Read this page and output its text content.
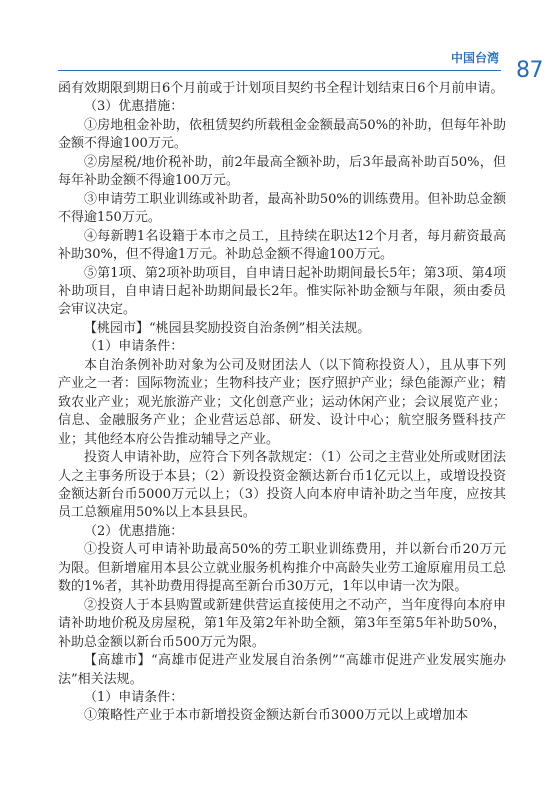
中国台湾 87

函有效期限到期日6个月前或于计划项目契约书全程计划结束日6个月前申请。

（3）优惠措施：

①房地租金补助，依租赁契约所载租金金额最高50%的补助，但每年补助金额不得逾100万元。

②房屋税/地价税补助，前2年最高全额补助，后3年最高补助百50%，但每年补助金额不得逾100万元。

③申请劳工职业训练或补助者，最高补助50%的训练费用。但补助总金额不得逾150万元。

④每新聘1名设籍于本市之员工，且持续在职达12个月者，每月薪资最高补助30%，但不得逾1万元。补助总金额不得逾100万元。

⑤第1项、第2项补助项目，自申请日起补助期间最长5年；第3项、第4项补助项目，自申请日起补助期间最长2年。惟实际补助金额与年限，须由委员会审议决定。

【桃园市】“桃园县奖励投资自治条例”相关法规。

（1）申请条件：

本自治条例补助对象为公司及财团法人（以下简称投资人），且从事下列产业之一者：国际物流业；生物科技产业；医疗照护产业；绿色能源产业；精致农业产业；观光旅游产业；文化创意产业；运动休闲产业；会议展览产业；信息、金融服务产业；企业营运总部、研发、设计中心；航空服务暨科技产业；其他经本府公告推动辅导之产业。

投资人申请补助，应符合下列各款规定：（1）公司之主营业处所或财团法人之主事务所设于本县；（2）新设投资金额达新台币1亿元以上，或增设投资金额达新台币5000万元以上；（3）投资人向本府申请补助之当年度，应按其员工总额雇用50%以上本县县民。

（2）优惠措施：

①投资人可申请补助最高50%的劳工职业训练费用，并以新台币20万元为限。但新增雇用本县公立就业服务机构推介中高龄失业劳工逾原雇用员工总数的1%者，其补助费用得提高至新台币30万元，1年以申请一次为限。

②投资人于本县购置或新建供营运直接使用之不动产，当年度得向本府申请补助地价税及房屋税，第1年及第2年补助全额，第3年至第5年补助50%，补助总金额以新台币500万元为限。

【高雄市】“高雄市促进产业发展自治条例”“高雄市促进产业发展实施办法”相关法规。

（1）申请条件：

①策略性产业于本市新增投资金额达新台币3000万元以上或增加本
